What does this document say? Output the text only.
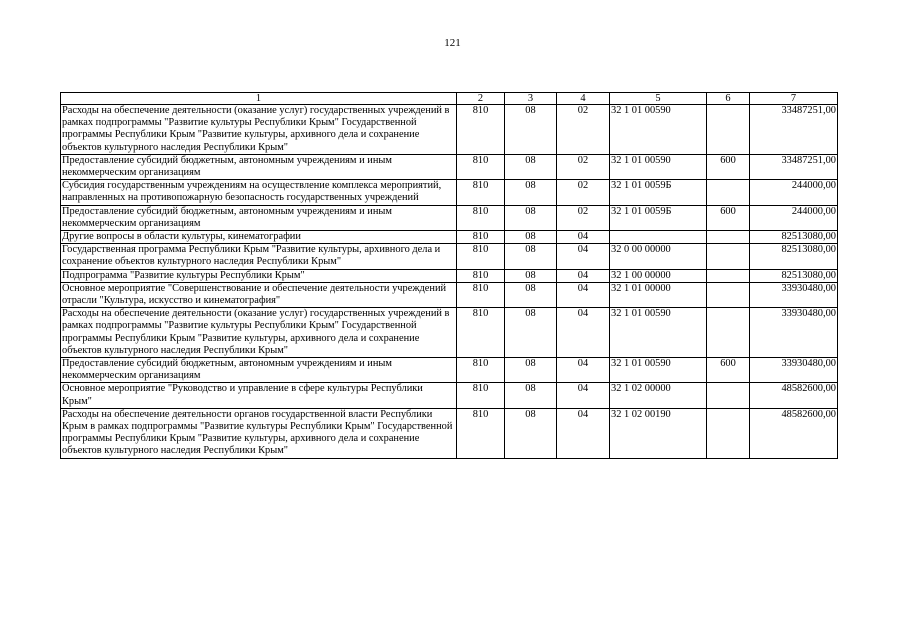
121
1	2	3	4	5	6	7
Расходы на обеспечение деятельности (оказание услуг) государственных учреждений в рамках подпрограммы "Развитие культуры Республики Крым" Государственной программы Республики Крым "Развитие культуры, архивного дела и сохранение объектов культурного наследия Республики Крым"	810	08	02	32 1 01 00590		33487251,00
Предоставление субсидий бюджетным, автономным учреждениям и иным некоммерческим организациям	810	08	02	32 1 01 00590	600	33487251,00
Субсидия государственным учреждениям на осуществление комплекса мероприятий, направленных на противопожарную безопасность государственных учреждений	810	08	02	32 1 01 0059Б		244000,00
Предоставление субсидий бюджетным, автономным учреждениям и иным некоммерческим организациям	810	08	02	32 1 01 0059Б	600	244000,00
Другие вопросы в области культуры, кинематографии	810	08	04			82513080,00
Государственная программа Республики Крым "Развитие культуры, архивного дела и сохранение объектов культурного наследия Республики Крым"	810	08	04	32 0 00 00000		82513080,00
Подпрограмма "Развитие культуры Республики Крым"	810	08	04	32 1 00 00000		82513080,00
Основное мероприятие "Совершенствование и обеспечение деятельности учреждений отрасли "Культура, искусство и кинематография"	810	08	04	32 1 01 00000		33930480,00
Расходы на обеспечение деятельности (оказание услуг) государственных учреждений в рамках подпрограммы "Развитие культуры Республики Крым" Государственной программы Республики Крым "Развитие культуры, архивного дела и сохранение объектов культурного наследия Республики Крым"	810	08	04	32 1 01 00590		33930480,00
Предоставление субсидий бюджетным, автономным учреждениям и иным некоммерческим организациям	810	08	04	32 1 01 00590	600	33930480,00
Основное мероприятие "Руководство и управление в сфере культуры Республики Крым"	810	08	04	32 1 02 00000		48582600,00
Расходы на обеспечение деятельности органов государственной власти Республики Крым в рамках подпрограммы "Развитие культуры Республики Крым" Государственной программы Республики Крым "Развитие культуры, архивного дела и сохранение объектов культурного наследия Республики Крым"	810	08	04	32 1 02 00190		48582600,00
